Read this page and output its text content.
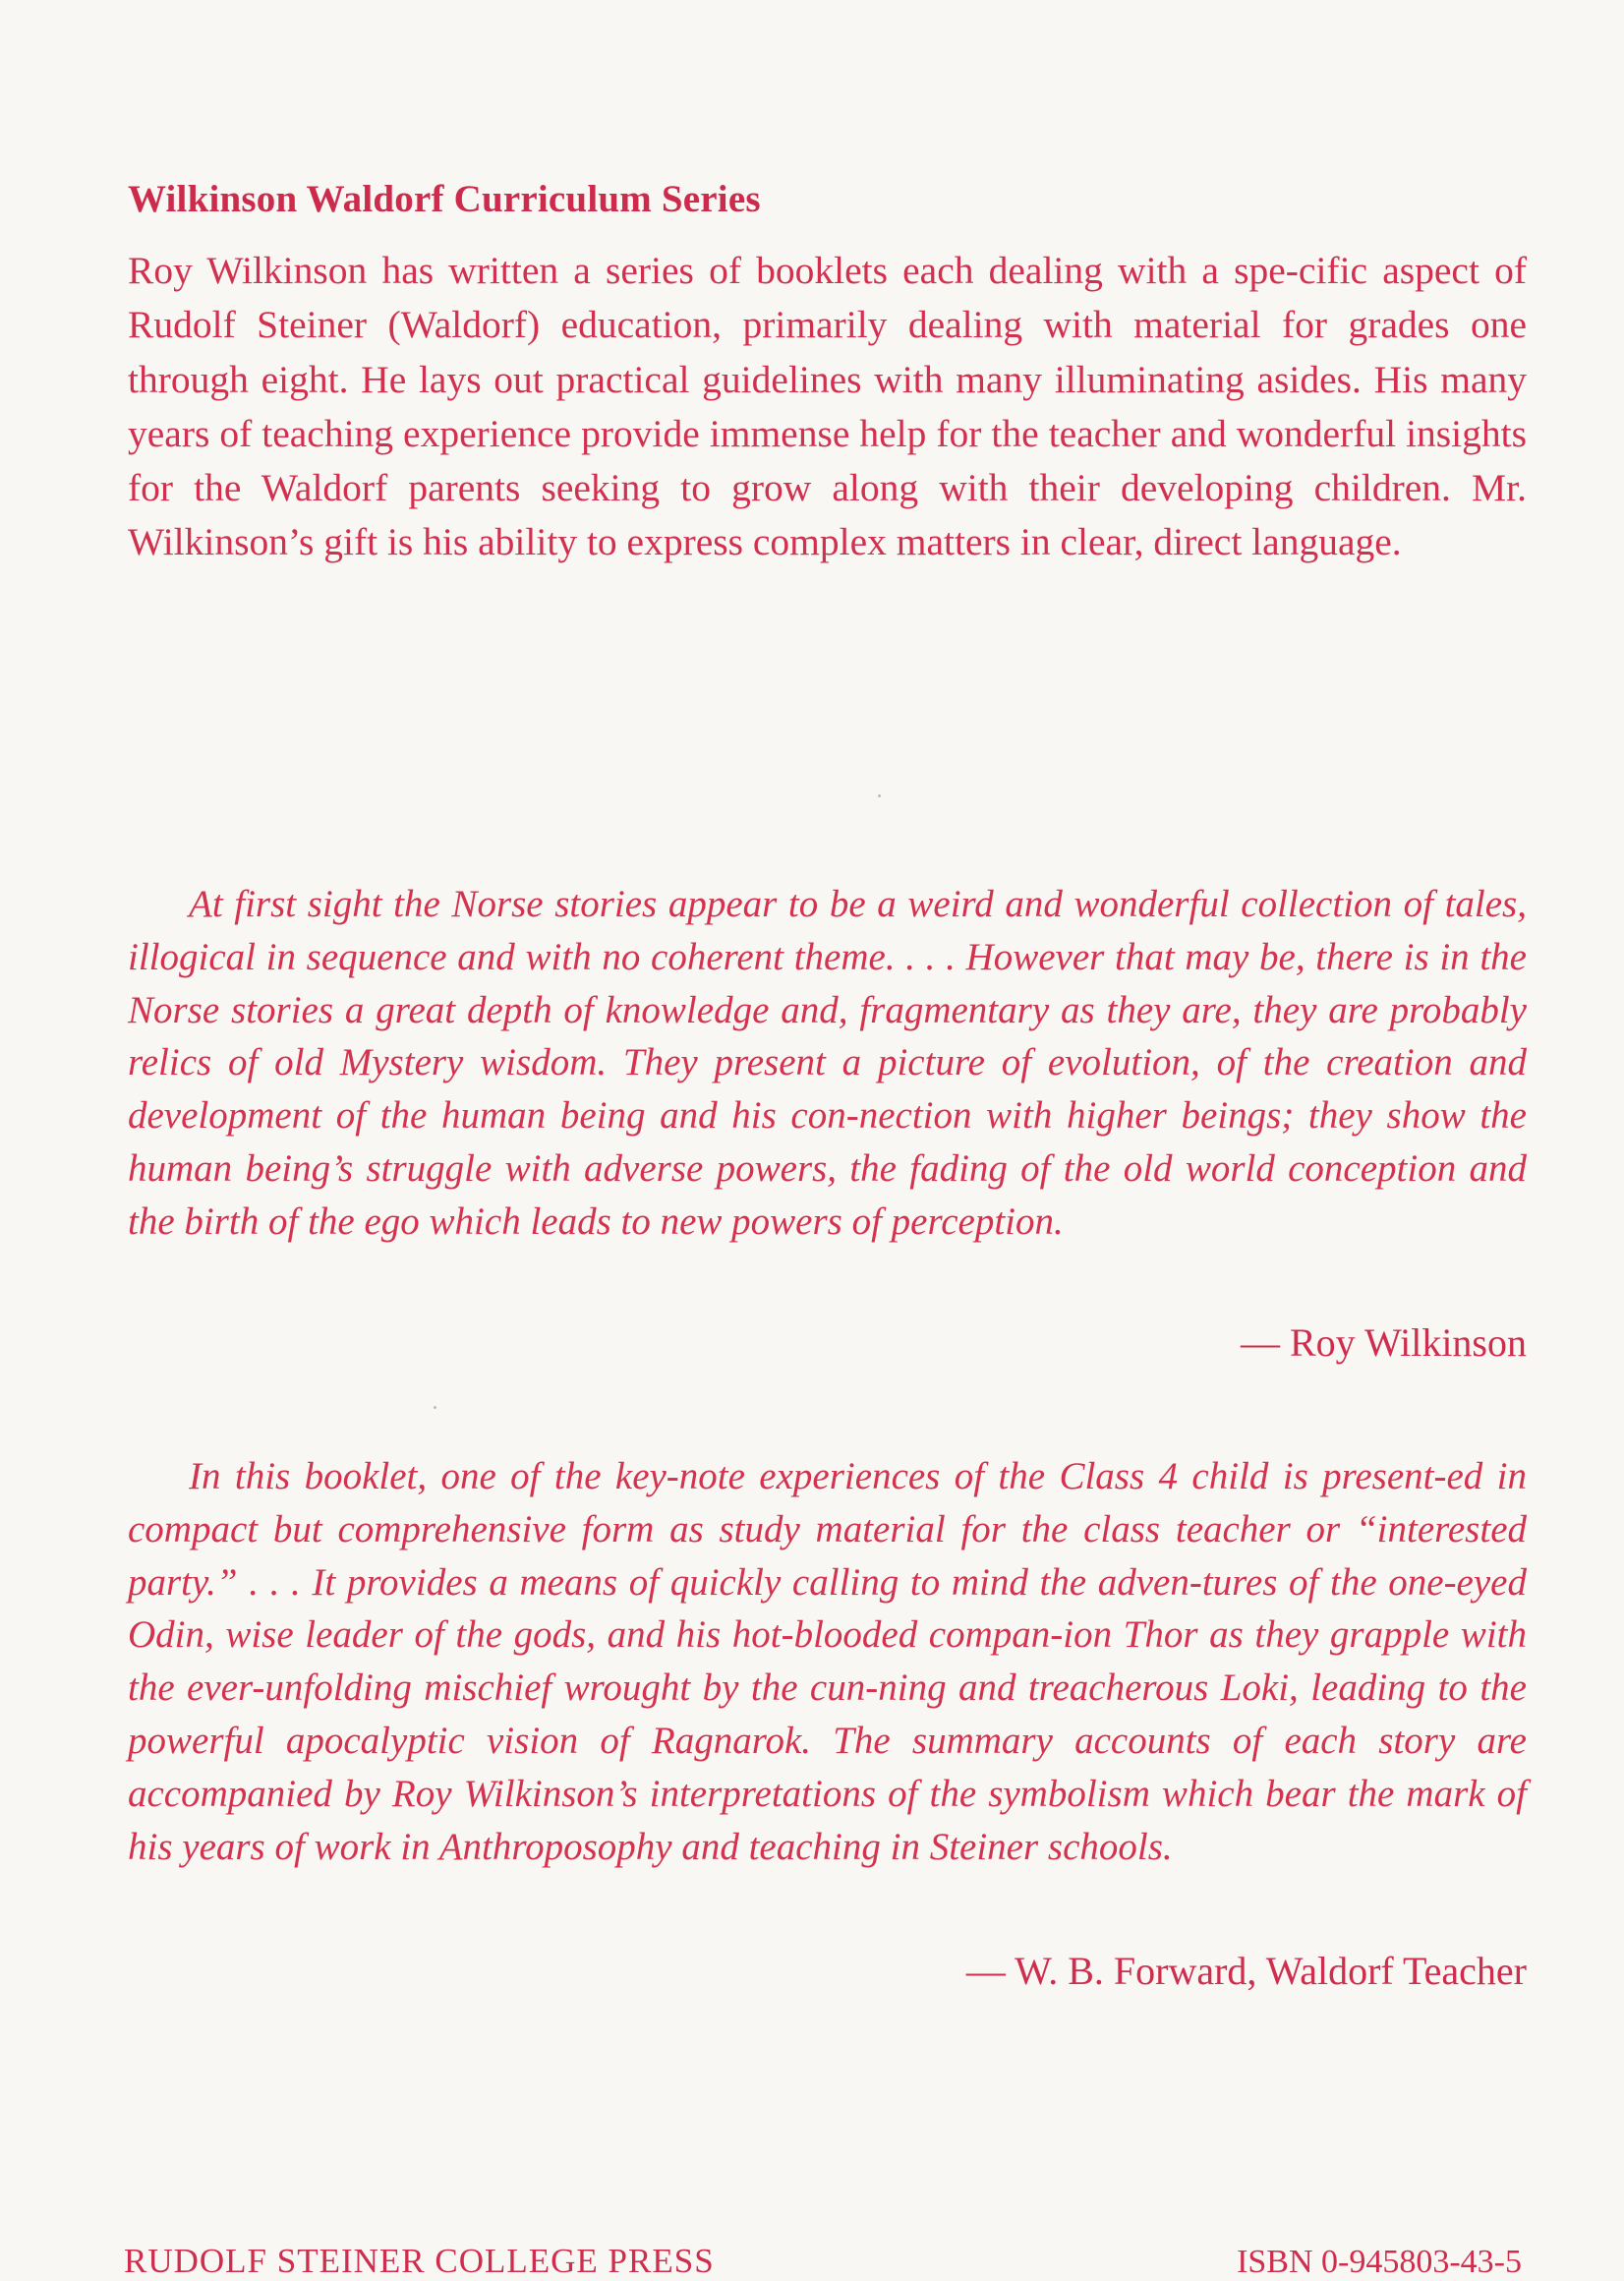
Wilkinson Waldorf Curriculum Series

Roy Wilkinson has written a series of booklets each dealing with a spe-cific aspect of Rudolf Steiner (Waldorf) education, primarily dealing with material for grades one through eight. He lays out practical guidelines with many illuminating asides. His many years of teaching experience provide immense help for the teacher and wonderful insights for the Waldorf parents seeking to grow along with their developing children. Mr. Wilkinson’s gift is his ability to express complex matters in clear, direct language.

At first sight the Norse stories appear to be a weird and wonderful collection of tales, illogical in sequence and with no coherent theme. . . . However that may be, there is in the Norse stories a great depth of knowledge and, fragmentary as they are, they are probably relics of old Mystery wisdom. They present a picture of evolution, of the creation and development of the human being and his con-nection with higher beings; they show the human being’s struggle with adverse powers, the fading of the old world conception and the birth of the ego which leads to new powers of perception.

— Roy Wilkinson

In this booklet, one of the key-note experiences of the Class 4 child is present-ed in compact but comprehensive form as study material for the class teacher or “interested party.” . . . It provides a means of quickly calling to mind the adven-tures of the one-eyed Odin, wise leader of the gods, and his hot-blooded compan-ion Thor as they grapple with the ever-unfolding mischief wrought by the cun-ning and treacherous Loki, leading to the powerful apocalyptic vision of Ragnarok. The summary accounts of each story are accompanied by Roy Wilkinson’s interpretations of the symbolism which bear the mark of his years of work in Anthroposophy and teaching in Steiner schools.

— W. B. Forward, Waldorf Teacher

RUDOLF STEINER COLLEGE PRESS	ISBN 0-945803-43-5
